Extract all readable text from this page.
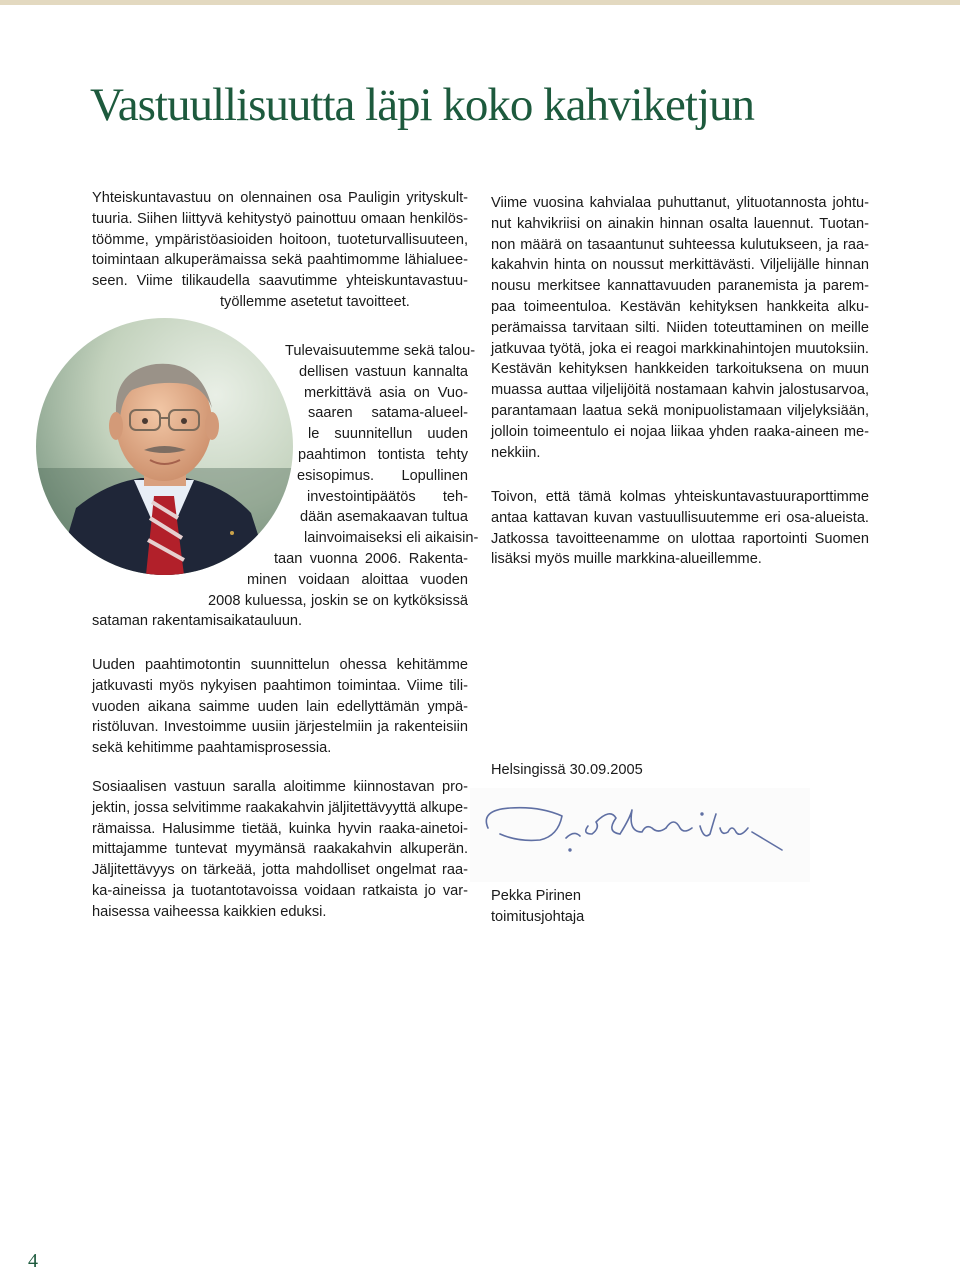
Vastuullisuutta läpi koko kahviketjun
Yhteiskuntavastuu on olennainen osa Pauligin yrityskult-
tuuria. Siihen liittyvä kehitystyö painottuu omaan henkilös-
töömme, ympäristöasioiden hoitoon, tuoteturvallisuuteen,
toimintaan alkuperämaissa sekä paahtimomme lähialuee-
seen. Viime tilikaudella saavutimme yhteiskuntavastuu-
työllemme asetetut tavoitteet.
Tulevaisuutemme sekä talou-
dellisen vastuun kannalta
merkittävä asia on Vuo-
saaren satama-alueel-
le suunnitellun uuden
paahtimon tontista tehty
esisopimus. Lopullinen
investointipäätös teh-
dään asemakaavan tultua
lainvoimaiseksi eli aikaisin-
taan vuonna 2006. Rakenta-
minen voidaan aloittaa vuoden
2008 kuluessa, joskin se on kytköksissä
sataman rakentamisaikatauluun.
Uuden paahtimotontin suunnittelun ohessa kehitämme
jatkuvasti myös nykyisen paahtimon toimintaa. Viime tili-
vuoden aikana saimme uuden lain edellyttämän ympä-
ristöluvan. Investoimme uusiin järjestelmiin ja rakenteisiin
sekä kehitimme paahtamisprosessia.
Sosiaalisen vastuun saralla aloitimme kiinnostavan pro-
jektin, jossa selvitimme raakakahvin jäljitettävyyttä alkupe-
rämaissa. Halusimme tietää, kuinka hyvin raaka-ainetoi-
mittajamme tuntevat myymänsä raakakahvin alkuperän.
Jäljitettävyys on tärkeää, jotta mahdolliset ongelmat raa-
ka-aineissa ja tuotantotavoissa voidaan ratkaista jo var-
haisessa vaiheessa kaikkien eduksi.
Viime vuosina kahvialaa puhuttanut, ylituotannosta johtu-
nut kahvikriisi on ainakin hinnan osalta lauennut. Tuotan-
non määrä on tasaantunut suhteessa kulutukseen, ja raa-
kakahvin hinta on noussut merkittävästi. Viljelijälle hinnan
nousu merkitsee kannattavuuden paranemista ja parem-
paa toimeentuloa. Kestävän kehityksen hankkeita alku-
perämaissa tarvitaan silti. Niiden toteuttaminen on meille
jatkuvaa työtä, joka ei reagoi markkinahintojen muutoksiin.
Kestävän kehityksen hankkeiden tarkoituksena on muun
muassa auttaa viljelijöitä nostamaan kahvin jalostusarvoa,
parantamaan laatua sekä monipuolistamaan viljelyksiään,
jolloin toimeentulo ei nojaa liikaa yhden raaka-aineen me-
nekkiin.
Toivon, että tämä kolmas yhteiskuntavastuuraporttimme
antaa kattavan kuvan vastuullisuutemme eri osa-alueista.
Jatkossa tavoitteenamme on ulottaa raportointi Suomen
lisäksi myös muille markkina-alueillemme.
Helsingissä 30.09.2005
Pekka Pirinen
toimitusjohtaja
4
